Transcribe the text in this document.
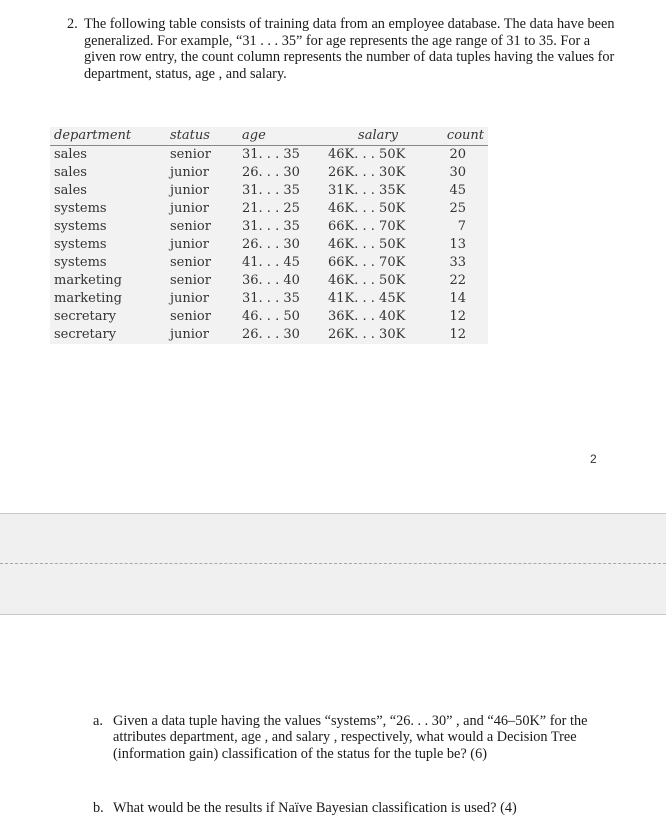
2. The following table consists of training data from an employee database. The data have been generalized. For example, “31 . . . 35” for age represents the age range of 31 to 35. For a given row entry, the count column represents the number of data tuples having the values for department, status, age , and salary.
department	status	age	salary	count
sales	senior	31. . . 35	46K. . . 50K	20
sales	junior	26. . . 30	26K. . . 30K	30
sales	junior	31. . . 35	31K. . . 35K	45
systems	junior	21. . . 25	46K. . . 50K	25
systems	senior	31. . . 35	66K. . . 70K	7
systems	junior	26. . . 30	46K. . . 50K	13
systems	senior	41. . . 45	66K. . . 70K	33
marketing	senior	36. . . 40	46K. . . 50K	22
marketing	junior	31. . . 35	41K. . . 45K	14
secretary	senior	46. . . 50	36K. . . 40K	12
secretary	junior	26. . . 30	26K. . . 30K	12
2
a. Given a data tuple having the values “systems”, “26. . . 30” , and “46–50K” for the attributes department, age , and salary , respectively, what would a Decision Tree (information gain) classification of the status for the tuple be? (6)
b. What would be the results if Naïve Bayesian classification is used? (4)
